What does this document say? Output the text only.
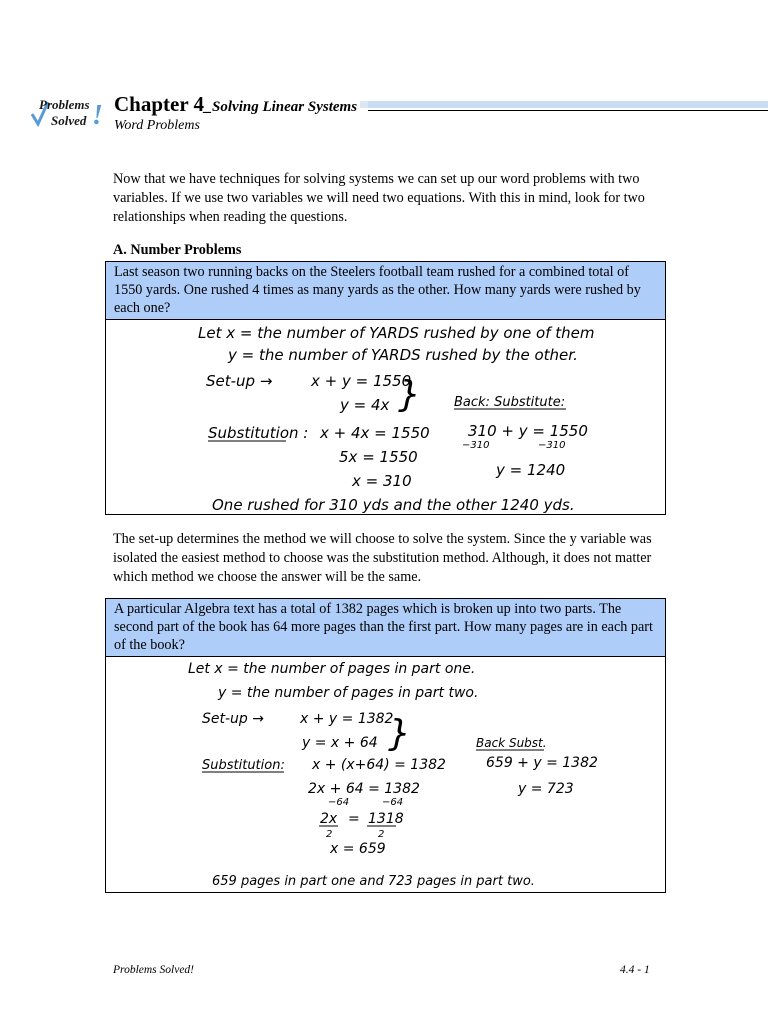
Problems
Solved ! Chapter 4_Solving Linear Systems
Word Problems
Now that we have techniques for solving systems we can set up our word problems with two variables. If we use two variables we will need two equations. With this in mind, look for two relationships when reading the questions.
A. Number Problems
Last season two running backs on the Steelers football team rushed for a combined total of 1550 yards. One rushed 4 times as many yards as the other. How many yards were rushed by each one?
Let x = the number of YARDS rushed by one of them
y = the number of YARDS rushed by the other.
Set-up →	x + y = 1550
y = 4x }	Back: Substitute:
Substitution : x + 4x = 1550
5x = 1550
x = 310
310 + y = 1550
−310	−310
y = 1240
One rushed for 310 yds and the other 1240 yds.
The set-up determines the method we will choose to solve the system. Since the y variable was isolated the easiest method to choose was the substitution method. Although, it does not matter which method we choose the answer will be the same.
A particular Algebra text has a total of 1382 pages which is broken up into two parts. The second part of the book has 64 more pages than the first part. How many pages are in each part of the book?
Let x = the number of pages in part one.
y = the number of pages in part two.
Set-up →	x + y = 1382
y = x + 64 }	Back Subst.
Substitution: x + (x+64) = 1382	659 + y = 1382
2x + 64 = 1382
−64	−64
y = 723
2x = 1318
2	2
x = 659
659 pages in part one and 723 pages in part two.
Problems Solved!	4.4 - 1
